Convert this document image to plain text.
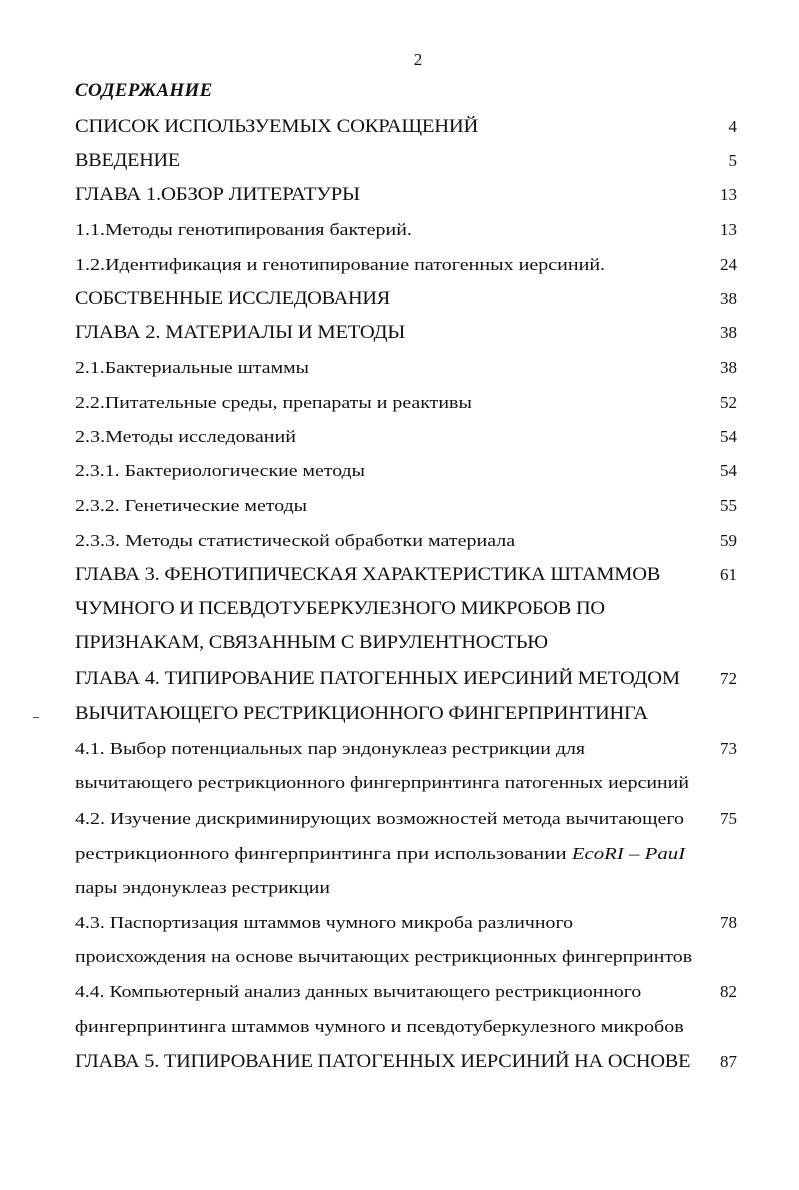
2
СОДЕРЖАНИЕ
СПИСОК ИСПОЛЬЗУЕМЫХ СОКРАЩЕНИЙ	4
ВВЕДЕНИЕ	5
ГЛАВА 1.ОБЗОР ЛИТЕРАТУРЫ	13
1.1.Методы генотипирования бактерий.	13
1.2.Идентификация и генотипирование патогенных иерсиний.	24
СОБСТВЕННЫЕ ИССЛЕДОВАНИЯ	38
ГЛАВА 2. МАТЕРИАЛЫ И МЕТОДЫ	38
2.1.Бактериальные штаммы	38
2.2.Питательные среды, препараты и реактивы	52
2.3.Методы исследований	54
2.3.1. Бактериологические методы	54
2.3.2. Генетические методы	55
2.3.3. Методы статистической обработки материала	59
ГЛАВА 3. ФЕНОТИПИЧЕСКАЯ ХАРАКТЕРИСТИКА ШТАММОВ	61
ЧУМНОГО И ПСЕВДОТУБЕРКУЛЕЗНОГО МИКРОБОВ ПО
ПРИЗНАКАМ, СВЯЗАННЫМ С ВИРУЛЕНТНОСТЬЮ
ГЛАВА 4. ТИПИРОВАНИЕ ПАТОГЕННЫХ ИЕРСИНИЙ МЕТОДОМ 72
ВЫЧИТАЮЩЕГО РЕСТРИКЦИОННОГО ФИНГЕРПРИНТИНГА
4.1. Выбор потенциальных пар эндонуклеаз рестрикции для	73
вычитающего рестрикционного фингерпринтинга патогенных иерсиний
4.2. Изучение дискриминирующих возможностей метода вычитающего 75
рестрикционного фингерпринтинга при использовании EcoRI – PauI
пары эндонуклеаз рестрикции
4.3. Паспортизация штаммов чумного микроба различного	78
происхождения на основе вычитающих рестрикционных фингерпринтов
4.4. Компьютерный анализ данных вычитающего рестрикционного	82
фингерпринтинга штаммов чумного и псевдотуберкулезного микробов
ГЛАВА 5. ТИПИРОВАНИЕ ПАТОГЕННЫХ ИЕРСИНИЙ НА ОСНОВЕ 87
